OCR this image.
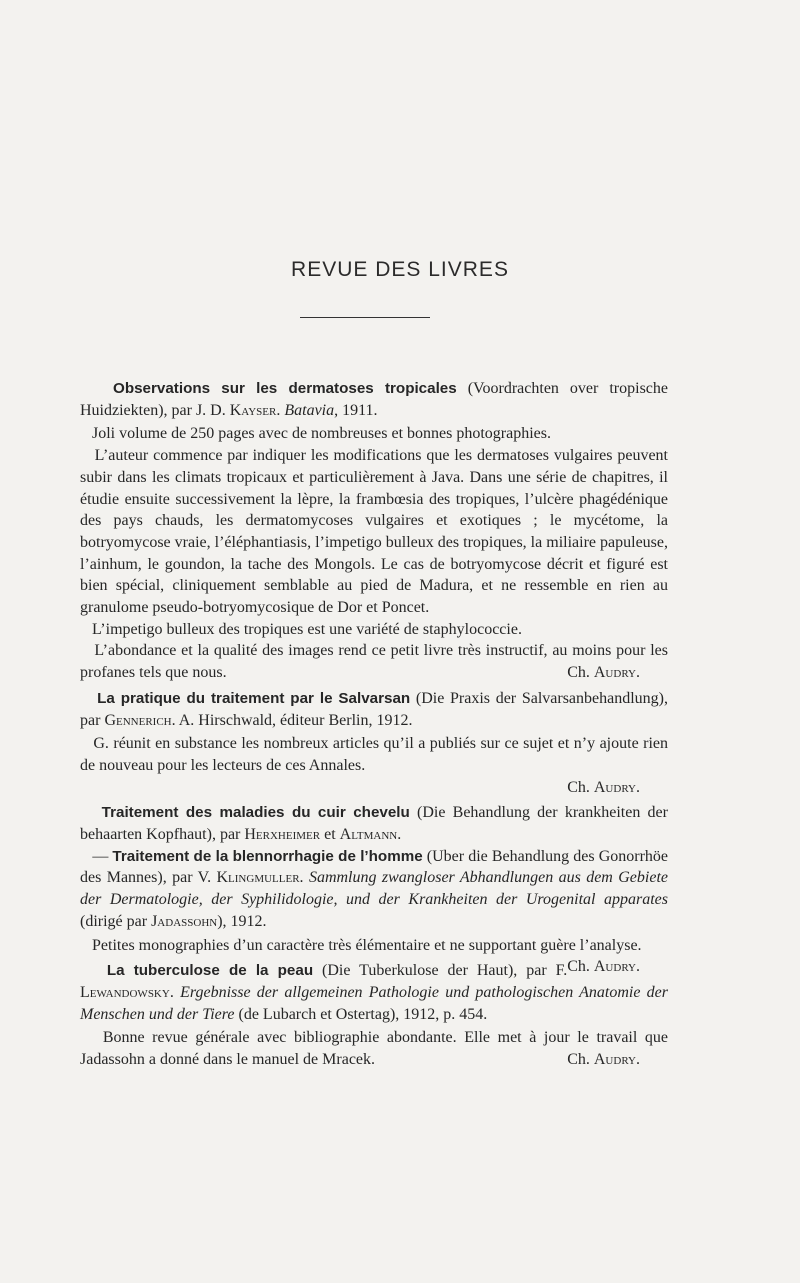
REVUE DES LIVRES

Observations sur les dermatoses tropicales (Voordrachten over tropische Huidziekten), par J. D. Kayser. Batavia, 1911.

Joli volume de 250 pages avec de nombreuses et bonnes photographies.

L’auteur commence par indiquer les modifications que les dermatoses vulgaires peuvent subir dans les climats tropicaux et particulièrement à Java. Dans une série de chapitres, il étudie ensuite successivement la lèpre, la frambœsia des tropiques, l’ulcère phagédénique des pays chauds, les dermatomycoses vulgaires et exotiques ; le mycétome, la botryomycose vraie, l’éléphantiasis, l’impetigo bulleux des tropiques, la miliaire papuleuse, l’ainhum, le goundon, la tache des Mongols. Le cas de botryomycose décrit et figuré est bien spécial, cliniquement semblable au pied de Madura, et ne ressemble en rien au granulome pseudo-botryomycosique de Dor et Poncet.

L’impetigo bulleux des tropiques est une variété de staphylococcie.

L’abondance et la qualité des images rend ce petit livre très instructif, au moins pour les profanes tels que nous.	Ch. Audry.

La pratique du traitement par le Salvarsan (Die Praxis der Salvarsanbehandlung), par Gennerich. A. Hirschwald, éditeur Berlin, 1912.

G. réunit en substance les nombreux articles qu’il a publiés sur ce sujet et n’y ajoute rien de nouveau pour les lecteurs de ces Annales.

Ch. Audry.

Traitement des maladies du cuir chevelu (Die Behandlung der krankheiten der behaarten Kopfhaut), par Herxheimer et Altmann.

— Traitement de la blennorrhagie de l’homme (Uber die Behandlung des Gonorrhöe des Mannes), par V. Klingmuller. Sammlung zwangloser Abhandlungen aus dem Gebiete der Dermatologie, der Syphilidologie, und der Krankheiten der Urogenital apparates (dirigé par Jadassohn), 1912.

Petites monographies d’un caractère très élémentaire et ne supportant guère l’analyse.
Ch. Audry.

La tuberculose de la peau (Die Tuberkulose der Haut), par F. Lewandowsky. Ergebnisse der allgemeinen Pathologie und pathologischen Anatomie der Menschen und der Tiere (de Lubarch et Ostertag), 1912, p. 454.

Bonne revue générale avec bibliographie abondante. Elle met à jour le travail que Jadassohn a donné dans le manuel de Mracek.	Ch. Audry.
